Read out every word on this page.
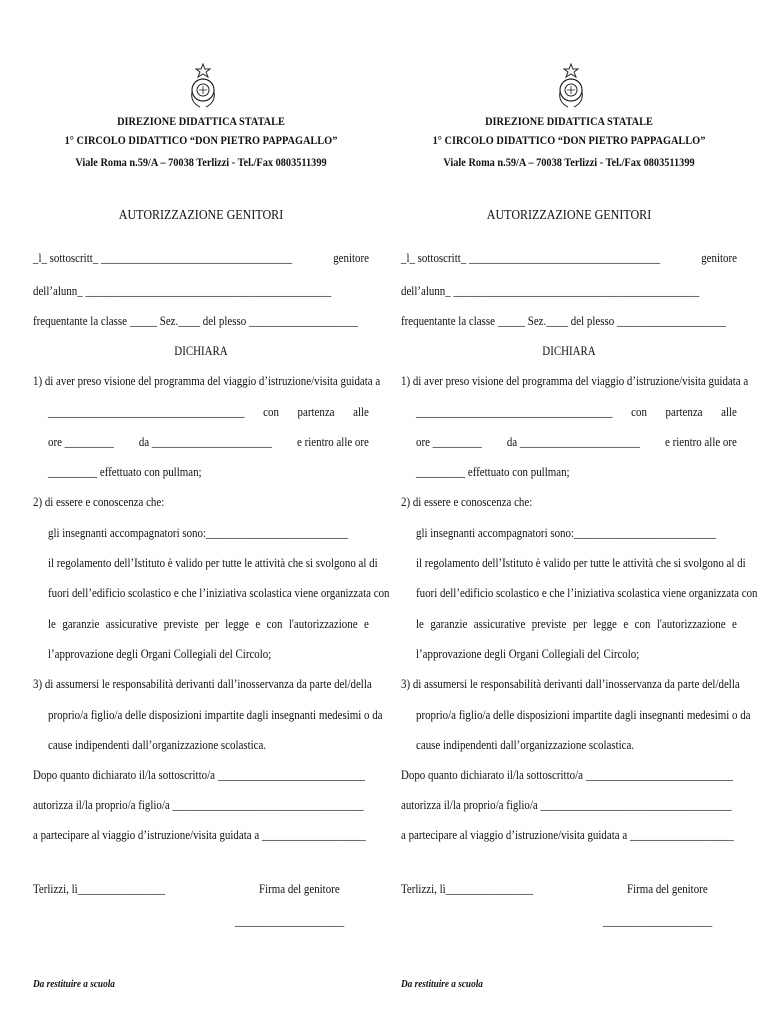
DIREZIONE DIDATTICA STATALE
1° CIRCOLO DIDATTICO “DON PIETRO PAPPAGALLO”
Viale Roma n.59/A – 70038 Terlizzi - Tel./Fax 0803511399
AUTORIZZAZIONE GENITORI
_l_ sottoscritt_ ___________________________________	genitore
dell’alunn_ _____________________________________________
frequentante la classe _____ Sez.____ del plesso ____________________
DICHIARA
1) di aver preso visione del programma del viaggio d’istruzione/visita guidata a
____________________________________ con partenza alle
ore _________ da ______________________ e rientro alle ore
_________ effettuato con pullman;
2) di essere e conoscenza che:
gli insegnanti accompagnatori sono:__________________________
il regolamento dell’Istituto è valido per tutte le attività che si svolgono al di
fuori dell’edificio scolastico e che l’iniziativa scolastica viene organizzata con
le garanzie assicurative previste per legge e con l'autorizzazione e
l’approvazione degli Organi Collegiali del Circolo;
3) di assumersi le responsabilità derivanti dall’inosservanza da parte del/della
proprio/a figlio/a delle disposizioni impartite dagli insegnanti medesimi o da
cause indipendenti dall’organizzazione scolastica.
Dopo quanto dichiarato il/la sottoscritto/a ___________________________
autorizza il/la proprio/a figlio/a ___________________________________
a partecipare al viaggio d’istruzione/visita guidata a ___________________
Terlizzi, lì________________	Firma del genitore
____________________
Da restituire a scuola
DIREZIONE DIDATTICA STATALE
1° CIRCOLO DIDATTICO “DON PIETRO PAPPAGALLO”
Viale Roma n.59/A – 70038 Terlizzi - Tel./Fax 0803511399
AUTORIZZAZIONE GENITORI
_l_ sottoscritt_ ___________________________________	genitore
dell’alunn_ _____________________________________________
frequentante la classe _____ Sez.____ del plesso ____________________
DICHIARA
1) di aver preso visione del programma del viaggio d’istruzione/visita guidata a
____________________________________ con partenza alle
ore _________ da ______________________ e rientro alle ore
_________ effettuato con pullman;
2) di essere e conoscenza che:
gli insegnanti accompagnatori sono:__________________________
il regolamento dell’Istituto è valido per tutte le attività che si svolgono al di
fuori dell’edificio scolastico e che l’iniziativa scolastica viene organizzata con
le garanzie assicurative previste per legge e con l'autorizzazione e
l’approvazione degli Organi Collegiali del Circolo;
3) di assumersi le responsabilità derivanti dall’inosservanza da parte del/della
proprio/a figlio/a delle disposizioni impartite dagli insegnanti medesimi o da
cause indipendenti dall’organizzazione scolastica.
Dopo quanto dichiarato il/la sottoscritto/a ___________________________
autorizza il/la proprio/a figlio/a ___________________________________
a partecipare al viaggio d’istruzione/visita guidata a ___________________
Terlizzi, lì________________	Firma del genitore
____________________
Da restituire a scuola
